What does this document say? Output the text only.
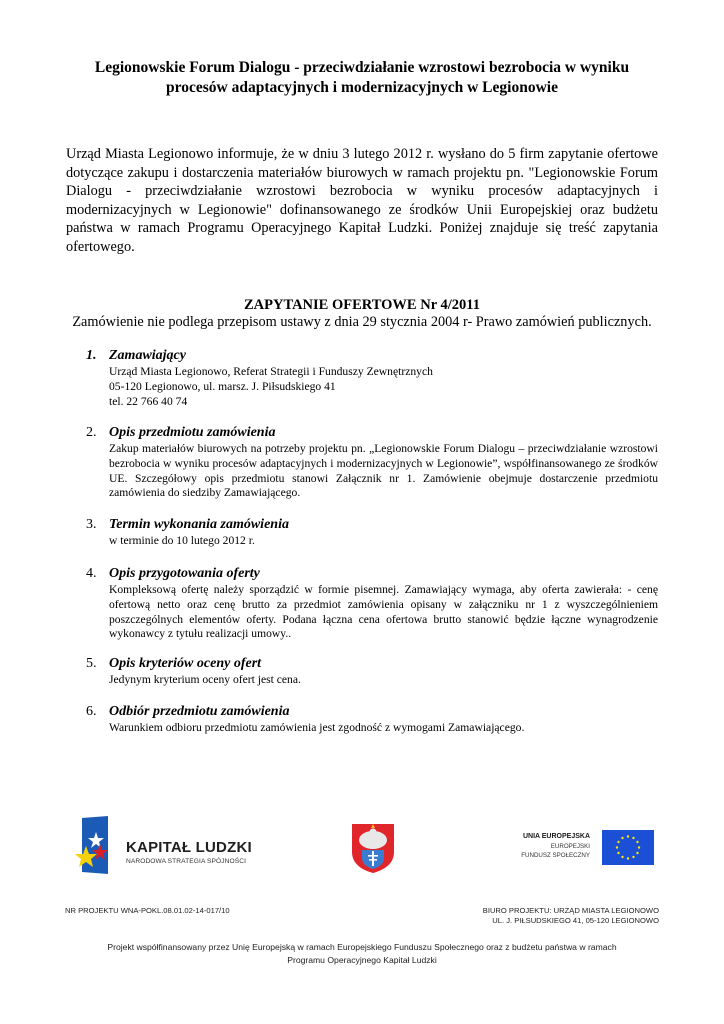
Legionowskie Forum Dialogu - przeciwdziałanie wzrostowi bezrobocia w wyniku
procesów adaptacyjnych i modernizacyjnych w Legionowie
Urząd Miasta Legionowo informuje, że w dniu 3 lutego 2012 r. wysłano do 5 firm zapytanie ofertowe dotyczące zakupu i dostarczenia materiałów biurowych w ramach projektu pn. "Legionowskie Forum Dialogu - przeciwdziałanie wzrostowi bezrobocia w wyniku procesów adaptacyjnych i modernizacyjnych w Legionowie" dofinansowanego ze środków Unii Europejskiej oraz budżetu państwa w ramach Programu Operacyjnego Kapitał Ludzki. Poniżej znajduje się treść zapytania ofertowego.
ZAPYTANIE OFERTOWE Nr 4/2011
Zamówienie nie podlega przepisom ustawy z dnia 29 stycznia 2004 r- Prawo zamówień publicznych.
1. Zamawiający
Urząd Miasta Legionowo, Referat Strategii i Funduszy Zewnętrznych
05-120 Legionowo, ul. marsz. J. Piłsudskiego 41
tel. 22 766 40 74
2. Opis przedmiotu zamówienia
Zakup materiałów biurowych na potrzeby projektu pn. „Legionowskie Forum Dialogu – przeciwdziałanie wzrostowi bezrobocia w wyniku procesów adaptacyjnych i modernizacyjnych w Legionowie”, współfinansowanego ze środków UE. Szczegółowy opis przedmiotu stanowi Załącznik nr 1. Zamówienie obejmuje dostarczenie przedmiotu zamówienia do siedziby Zamawiającego.
3. Termin wykonania zamówienia
w terminie do 10 lutego 2012 r.
4. Opis przygotowania oferty
Kompleksową ofertę należy sporządzić w formie pisemnej. Zamawiający wymaga, aby oferta zawierała: - cenę ofertową netto oraz cenę brutto za przedmiot zamówienia opisany w załączniku nr 1 z wyszczególnieniem poszczególnych elementów oferty. Podana łączna cena ofertowa brutto stanowić będzie łączne wynagrodzenie wykonawcy z tytułu realizacji umowy..
5. Opis kryteriów oceny ofert
Jedynym kryterium oceny ofert jest cena.
6. Odbiór przedmiotu zamówienia
Warunkiem odbioru przedmiotu zamówienia jest zgodność z wymogami Zamawiającego.
KAPITAŁ LUDZKI
NARODOWA STRATEGIA SPÓJNOŚCI
UNIA EUROPEJSKA
EUROPEJSKI
FUNDUSZ SPOŁECZNY
NR PROJEKTU WNA-POKL.08.01.02-14-017/10	BIURO PROJEKTU: URZĄD MIASTA LEGIONOWO
UL. J. PIŁSUDSKIEGO 41, 05-120 LEGIONOWO
Projekt współfinansowany przez Unię Europejską w ramach Europejskiego Funduszu Społecznego oraz z budżetu państwa w ramach
Programu Operacyjnego Kapitał Ludzki
